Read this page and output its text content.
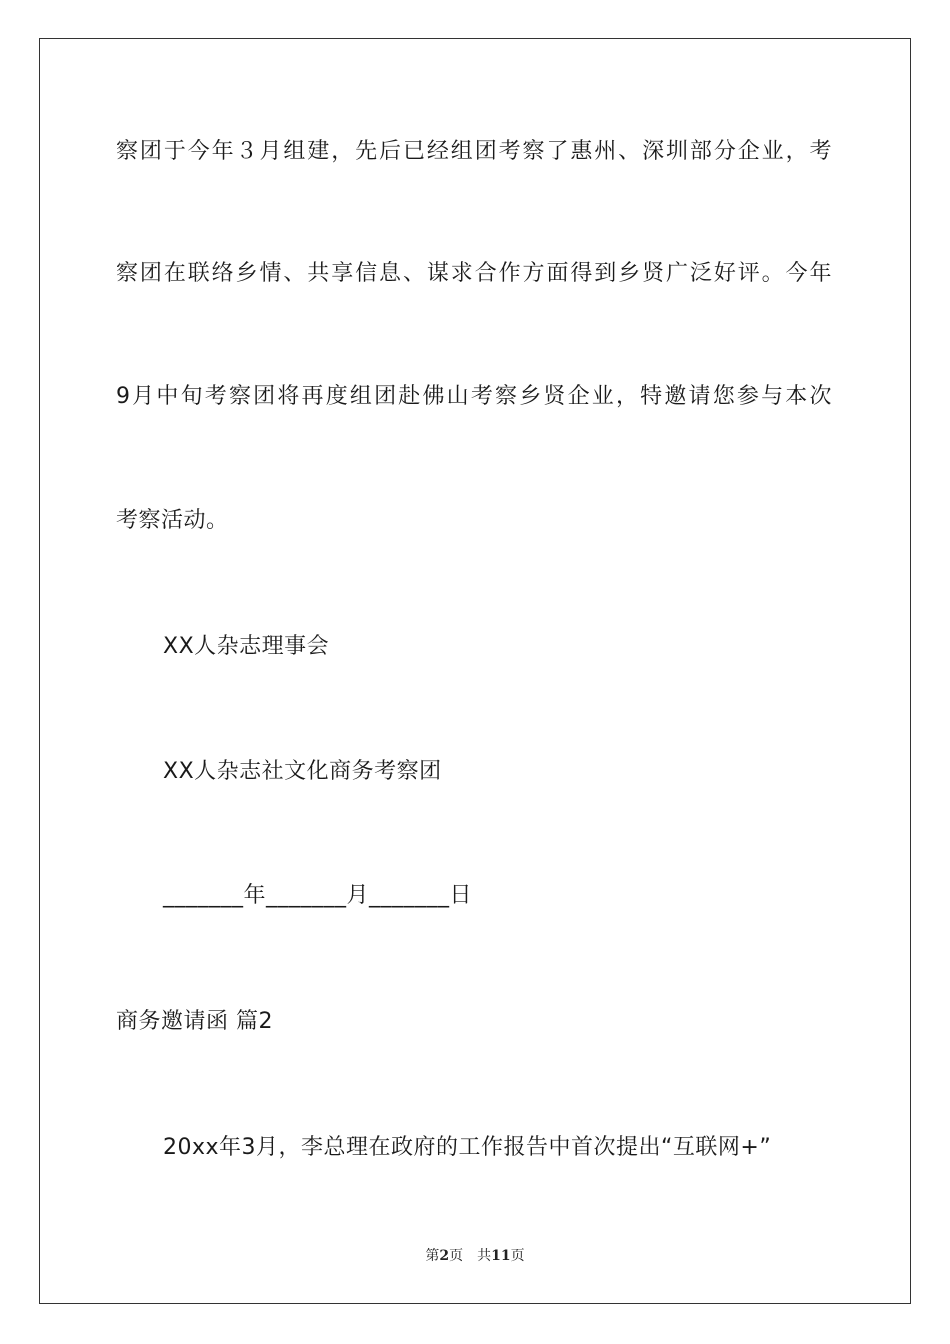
察团于今年３月组建，先后已经组团考察了惠州、深圳部分企业，考
察团在联络乡情、共享信息、谋求合作方面得到乡贤广泛好评。今年
9月中旬考察团将再度组团赴佛山考察乡贤企业，特邀请您参与本次
考察活动。
XX人杂志理事会
XX人杂志社文化商务考察团
_______年_______月_______日
商务邀请函 篇2
20xx年3月，李总理在政府的工作报告中首次提出“互联网+”
第2页 共11页
